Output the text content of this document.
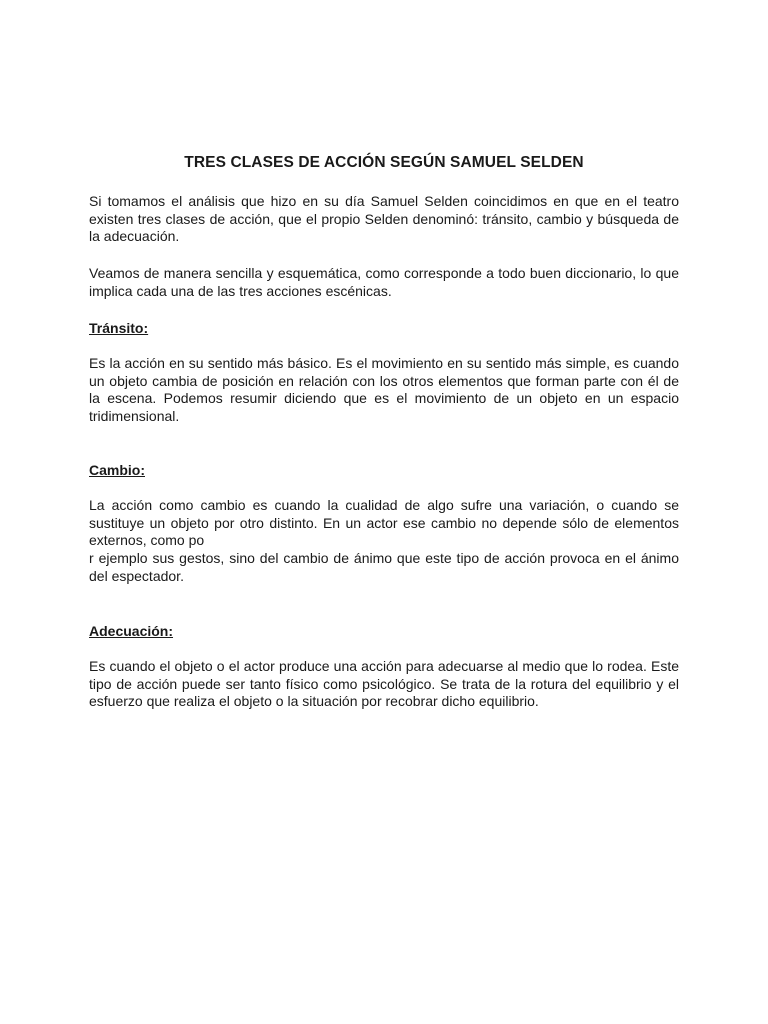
TRES CLASES DE ACCIÓN SEGÚN SAMUEL SELDEN

Si tomamos el análisis que hizo en su día Samuel Selden coincidimos en que en el teatro existen tres clases de acción, que el propio Selden denominó: tránsito, cambio y búsqueda de la adecuación.

Veamos de manera sencilla y esquemática, como corresponde a todo buen diccionario, lo que implica cada una de las tres acciones escénicas.

Tránsito:

Es la acción en su sentido más básico. Es el movimiento en su sentido más simple, es cuando un objeto cambia de posición en relación con los otros elementos que forman parte con él de la escena. Podemos resumir diciendo que es el movimiento de un objeto en un espacio tridimensional.

Cambio:

La acción como cambio es cuando la cualidad de algo sufre una variación, o cuando se sustituye un objeto por otro distinto. En un actor ese cambio no depende sólo de elementos externos, como po

r ejemplo sus gestos, sino del cambio de ánimo que este tipo de acción provoca en el ánimo del espectador.

Adecuación:

Es cuando el objeto o el actor produce una acción para adecuarse al medio que lo rodea. Este tipo de acción puede ser tanto físico como psicológico. Se trata de la rotura del equilibrio y el esfuerzo que realiza el objeto o la situación por recobrar dicho equilibrio.
